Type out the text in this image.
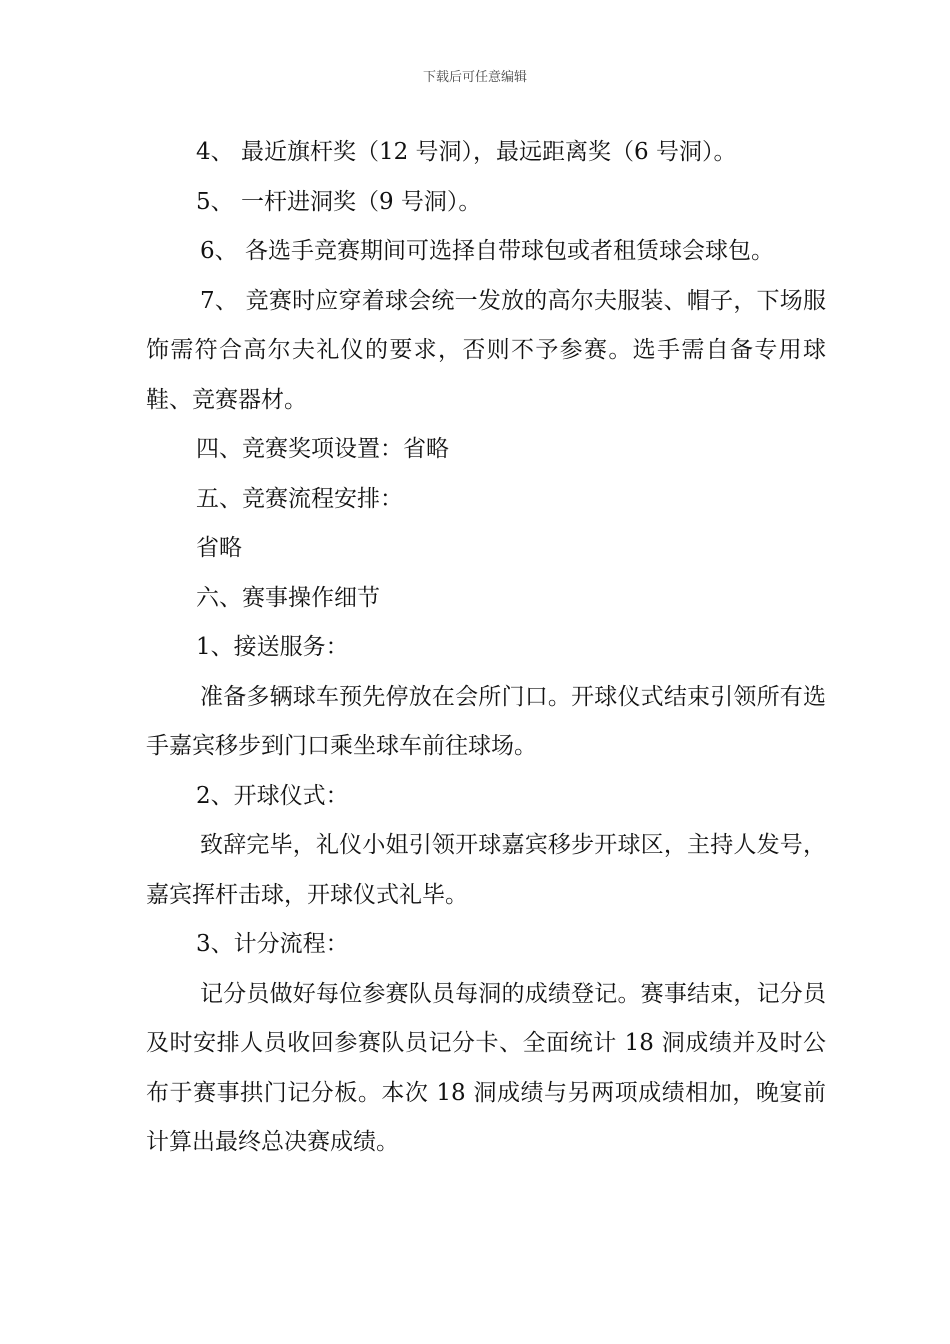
下载后可任意编辑

4、 最近旗杆奖（12 号洞），最远距离奖（6 号洞）。

5、 一杆进洞奖（9 号洞）。

6、 各选手竞赛期间可选择自带球包或者租赁球会球包。

7、 竞赛时应穿着球会统一发放的高尔夫服装、帽子，下场服饰需符合高尔夫礼仪的要求，否则不予参赛。选手需自备专用球鞋、竞赛器材。

四、竞赛奖项设置：省略

五、竞赛流程安排：

省略

六、赛事操作细节

1、接送服务：

准备多辆球车预先停放在会所门口。开球仪式结束引领所有选手嘉宾移步到门口乘坐球车前往球场。

2、开球仪式：

致辞完毕，礼仪小姐引领开球嘉宾移步开球区，主持人发号，嘉宾挥杆击球，开球仪式礼毕。

3、计分流程：

记分员做好每位参赛队员每洞的成绩登记。赛事结束，记分员及时安排人员收回参赛队员记分卡、全面统计 18 洞成绩并及时公布于赛事拱门记分板。本次 18 洞成绩与另两项成绩相加，晚宴前计算出最终总决赛成绩。
